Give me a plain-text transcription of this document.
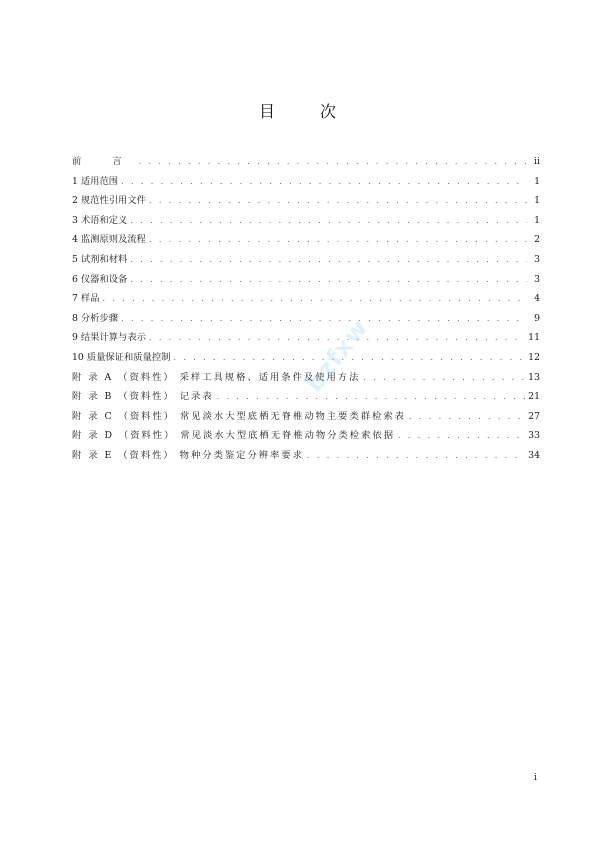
目 次
前 言 . . .	ii
1 适用范围 . . .	1
2 规范性引用文件 . . .	1
3 术语和定义 . . .	1
4 监测原则及流程 . . .	2
5 试剂和材料 . . .	3
6 仪器和设备 . . .	3
7 样品 . . .	4
8 分析步骤 . . .	9
9 结果计算与表示 . . .	11
10 质量保证和质量控制 . . .	12
附 录 A （资料性） 采样工具规格、适用条件及使用方法 . . .	13
附 录 B （资料性） 记录表 . . .	21
附 录 C （资料性） 常见淡水大型底栖无脊椎动物主要类群检索表 . . .	27
附 录 D （资料性） 常见淡水大型底栖无脊椎动物分类检索依据 . . .	33
附 录 E （资料性） 物种分类鉴定分辨率要求 . . .	34
bzfxw
i
